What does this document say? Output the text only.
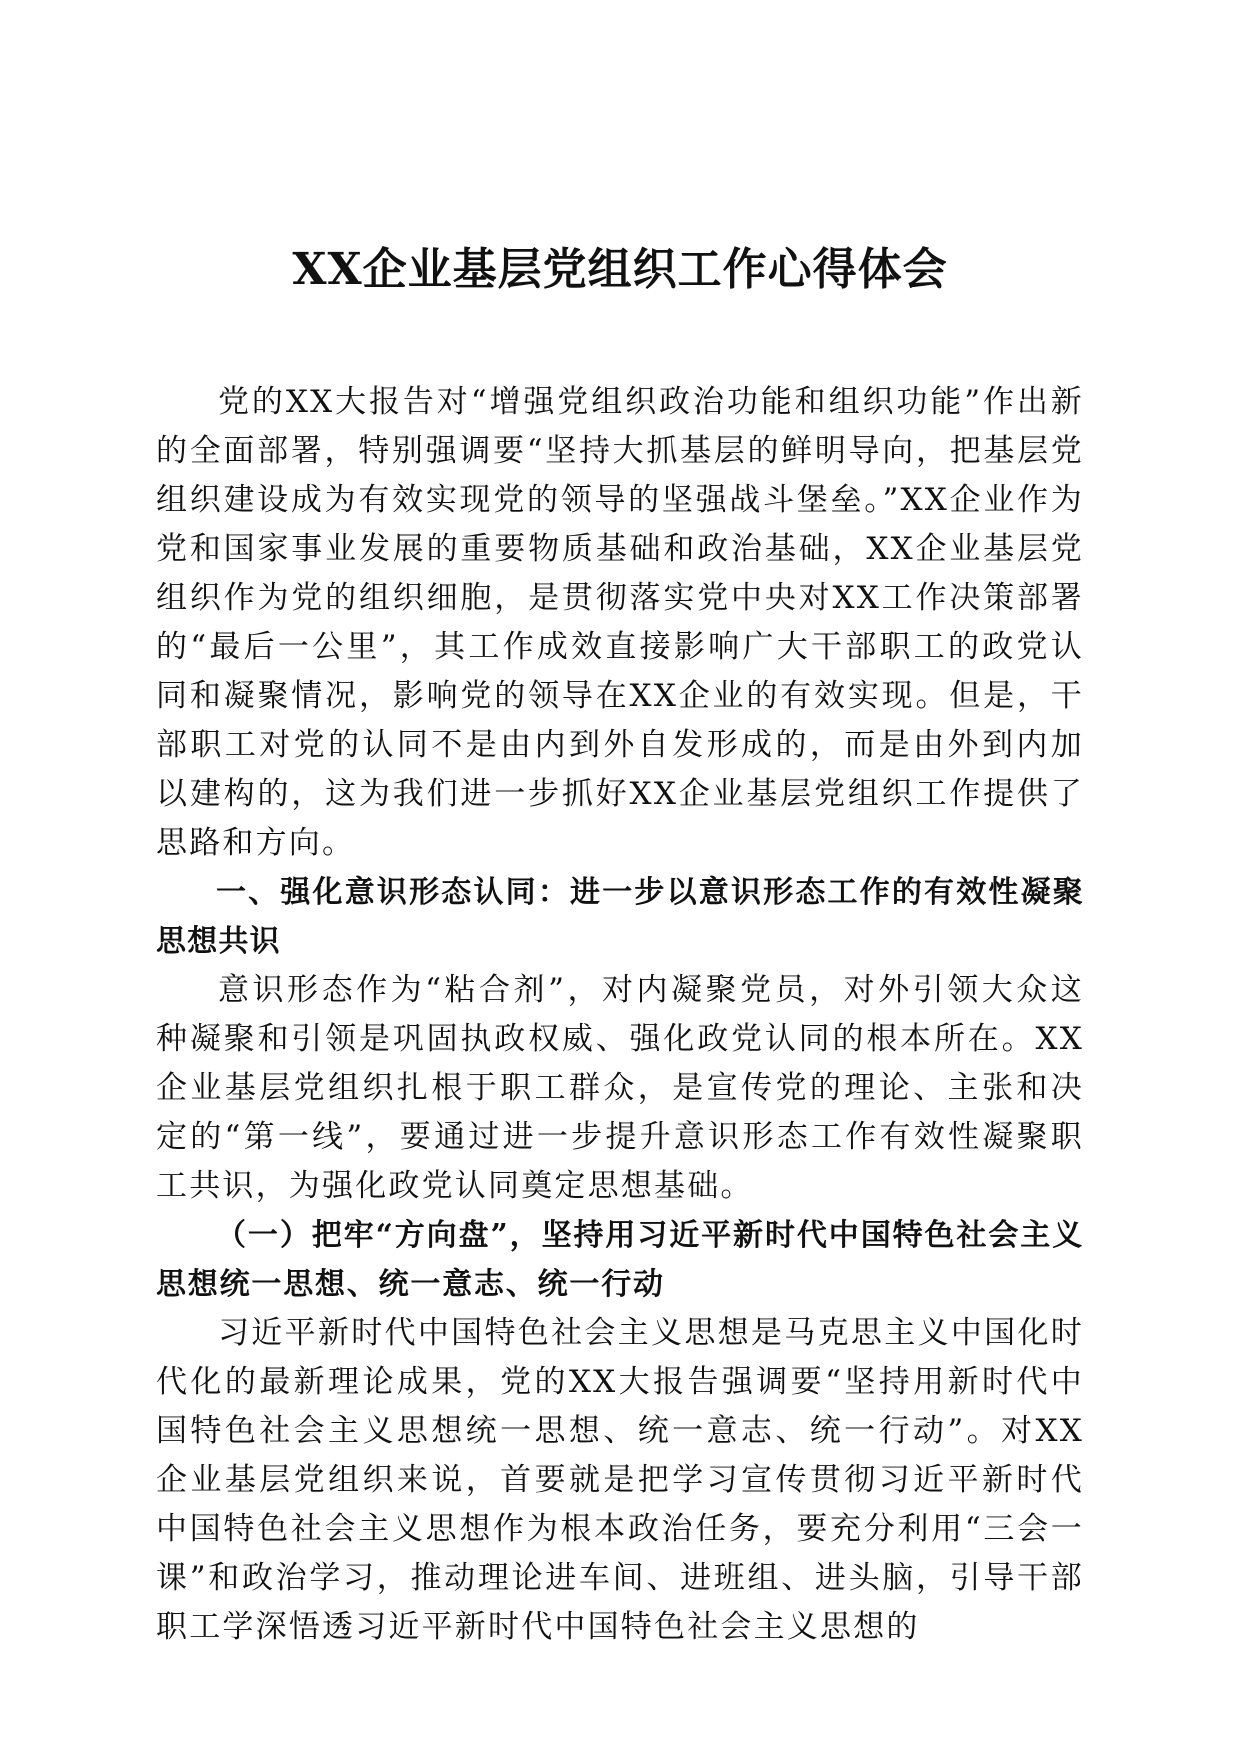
XX企业基层党组织工作心得体会

党的XX大报告对“增强党组织政治功能和组织功能”作出新的全面部署，特别强调要“坚持大抓基层的鲜明导向，把基层党组织建设成为有效实现党的领导的坚强战斗堡垒。”XX企业作为党和国家事业发展的重要物质基础和政治基础，XX企业基层党组织作为党的组织细胞，是贯彻落实党中央对XX工作决策部署的“最后一公里”，其工作成效直接影响广大干部职工的政党认同和凝聚情况，影响党的领导在XX企业的有效实现。但是，干部职工对党的认同不是由内到外自发形成的，而是由外到内加以建构的，这为我们进一步抓好XX企业基层党组织工作提供了思路和方向。

一、强化意识形态认同：进一步以意识形态工作的有效性凝聚思想共识

意识形态作为“粘合剂”，对内凝聚党员，对外引领大众这种凝聚和引领是巩固执政权威、强化政党认同的根本所在。XX企业基层党组织扎根于职工群众，是宣传党的理论、主张和决定的“第一线”，要通过进一步提升意识形态工作有效性凝聚职工共识，为强化政党认同奠定思想基础。

（一）把牢“方向盘”，坚持用习近平新时代中国特色社会主义思想统一思想、统一意志、统一行动

习近平新时代中国特色社会主义思想是马克思主义中国化时代化的最新理论成果，党的XX大报告强调要“坚持用新时代中国特色社会主义思想统一思想、统一意志、统一行动”。对XX企业基层党组织来说，首要就是把学习宣传贯彻习近平新时代中国特色社会主义思想作为根本政治任务，要充分利用“三会一课”和政治学习，推动理论进车间、进班组、进头脑，引导干部职工学深悟透习近平新时代中国特色社会主义思想的
